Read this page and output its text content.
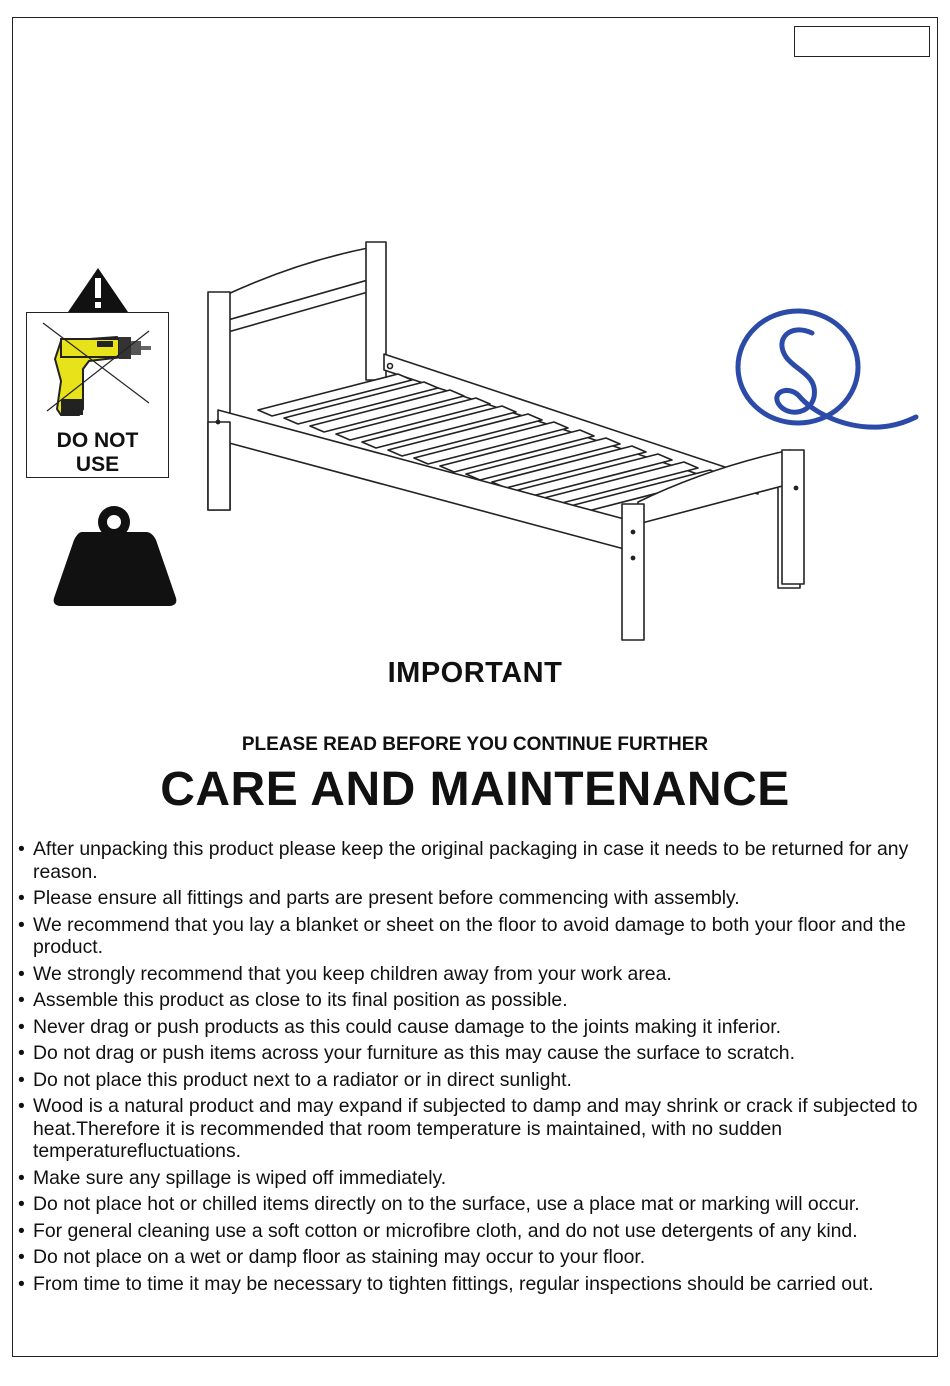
DO NOT
USE
IMPORTANT
PLEASE READ BEFORE YOU CONTINUE FURTHER
CARE AND MAINTENANCE
• After unpacking this product please keep the original packaging in case it needs to be returned for any reason.
• Please ensure all fittings and parts are present before commencing with assembly.
• We recommend that you lay a blanket or sheet on the floor to avoid damage to both your floor and the product.
• We strongly recommend that you keep children away from your work area.
• Assemble this product as close to its final position as possible.
• Never drag or push products as this could cause damage to the joints making it inferior.
• Do not drag or push items across your furniture as this may cause the surface to scratch.
• Do not place this product next to a radiator or in direct sunlight.
• Wood is a natural product and may expand if subjected to damp and may shrink or crack if subjected to heat.Therefore it is recommended that room temperature is maintained, with no sudden temperaturefluctuations.
• Make sure any spillage is wiped off immediately.
• Do not place hot or chilled items directly on to the surface, use a place mat or marking will occur.
• For general cleaning use a soft cotton or microfibre cloth, and do not use detergents of any kind.
• Do not place on a wet or damp floor as staining may occur to your floor.
• From time to time it may be necessary to tighten fittings, regular inspections should be carried out.
